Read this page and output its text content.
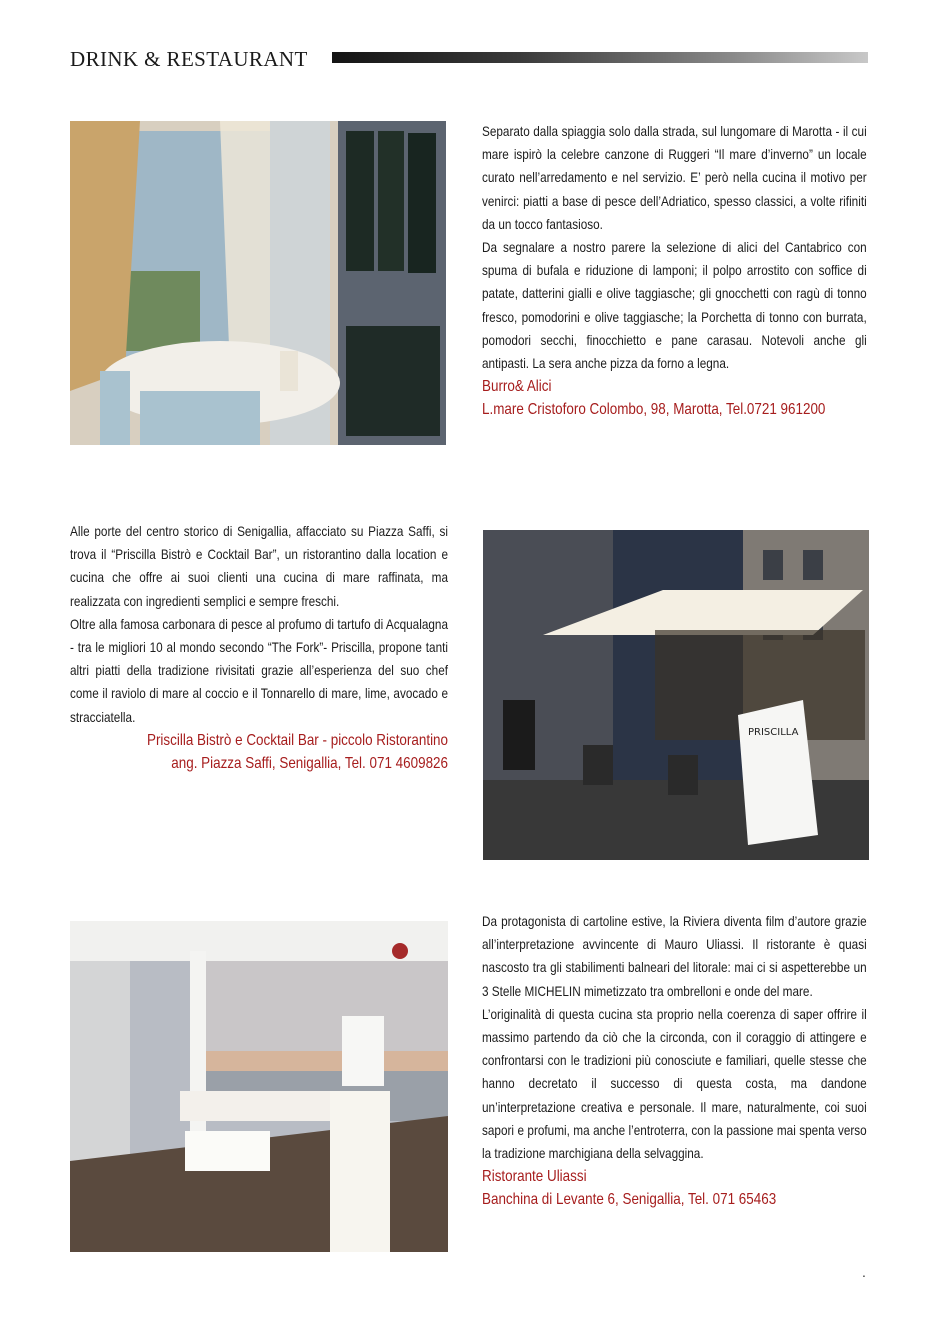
DRINK & RESTAURANT

Separato dalla spiaggia solo dalla strada, sul lungomare di Marotta - il cui mare ispirò la celebre canzone di Ruggeri “Il mare d’inverno” un locale curato nell’arredamento e nel servizio. E’ però nella cucina il motivo per venirci: piatti a base di pesce dell’Adriatico, spesso classici, a volte rifiniti da un tocco fantasioso.

Da segnalare a nostro parere la selezione di alici del Cantabrico con spuma di bufala e riduzione di lamponi; il polpo arrostito con soffice di patate, datterini gialli e olive taggiasche; gli gnocchetti con ragù di tonno fresco, pomodorini e olive taggiasche; la Porchetta di tonno con burrata, pomodori secchi, finocchietto e pane carasau. Notevoli anche gli antipasti. La sera anche pizza da forno a legna.

Burro& Alici

L.mare Cristoforo Colombo, 98, Marotta, Tel.0721 961200

Alle porte del centro storico di Senigallia, affacciato su Piazza Saffi, si trova il “Priscilla Bistrò e Cocktail Bar”, un ristorantino dalla location e cucina che offre ai suoi clienti una cucina di mare raffinata, ma realizzata con ingredienti semplici e sempre freschi.

Oltre alla famosa carbonara di pesce al profumo di tartufo di Acqualagna - tra le migliori 10 al mondo secondo “The Fork”- Priscilla, propone tanti altri piatti della tradizione rivisitati grazie all’esperienza del suo chef come il raviolo di mare al coccio e il Tonnarello di mare, lime, avocado e stracciatella.

Priscilla Bistrò e Cocktail Bar - piccolo Ristorantino

ang. Piazza Saffi, Senigallia, Tel. 071 4609826

PRISCILLA

Da protagonista di cartoline estive, la Riviera diventa film d’autore grazie all’interpretazione avvincente di Mauro Uliassi. Il ristorante è quasi nascosto tra gli stabilimenti balneari del litorale: mai ci si aspetterebbe un 3 Stelle MICHELIN mimetizzato tra ombrelloni e onde del mare.

L’originalità di questa cucina sta proprio nella coerenza di saper offrire il massimo partendo da ciò che la circonda, con il coraggio di attingere e confrontarsi con le tradizioni più conosciute e familiari, quelle stesse che hanno decretato il successo di questa costa, ma dandone un’interpretazione creativa e personale. Il mare, naturalmente, coi suoi sapori e profumi, ma anche l’entroterra, con la passione mai spenta verso la tradizione marchigiana della selvaggina.

Ristorante Uliassi

Banchina di Levante 6, Senigallia, Tel. 071 65463

.
